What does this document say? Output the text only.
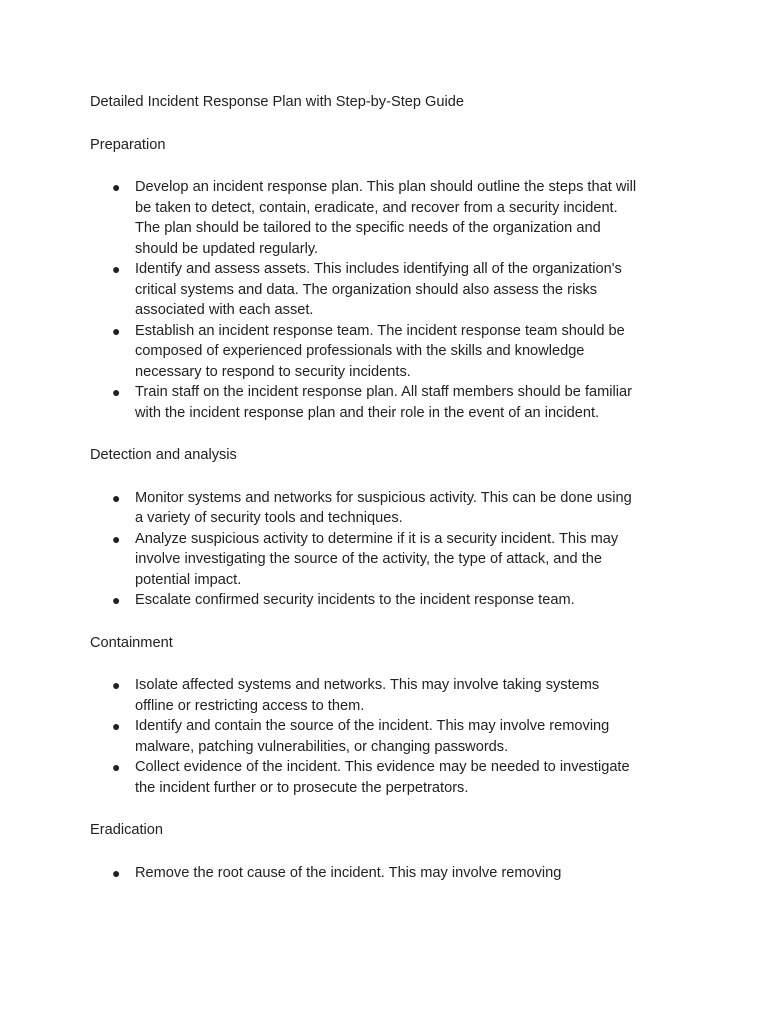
Detailed Incident Response Plan with Step-by-Step Guide

Preparation

● Develop an incident response plan. This plan should outline the steps that will be taken to detect, contain, eradicate, and recover from a security incident. The plan should be tailored to the specific needs of the organization and should be updated regularly.
● Identify and assess assets. This includes identifying all of the organization's critical systems and data. The organization should also assess the risks associated with each asset.
● Establish an incident response team. The incident response team should be composed of experienced professionals with the skills and knowledge necessary to respond to security incidents.
● Train staff on the incident response plan. All staff members should be familiar with the incident response plan and their role in the event of an incident.

Detection and analysis

● Monitor systems and networks for suspicious activity. This can be done using a variety of security tools and techniques.
● Analyze suspicious activity to determine if it is a security incident. This may involve investigating the source of the activity, the type of attack, and the potential impact.
● Escalate confirmed security incidents to the incident response team.

Containment

● Isolate affected systems and networks. This may involve taking systems offline or restricting access to them.
● Identify and contain the source of the incident. This may involve removing malware, patching vulnerabilities, or changing passwords.
● Collect evidence of the incident. This evidence may be needed to investigate the incident further or to prosecute the perpetrators.

Eradication

● Remove the root cause of the incident. This may involve removing
